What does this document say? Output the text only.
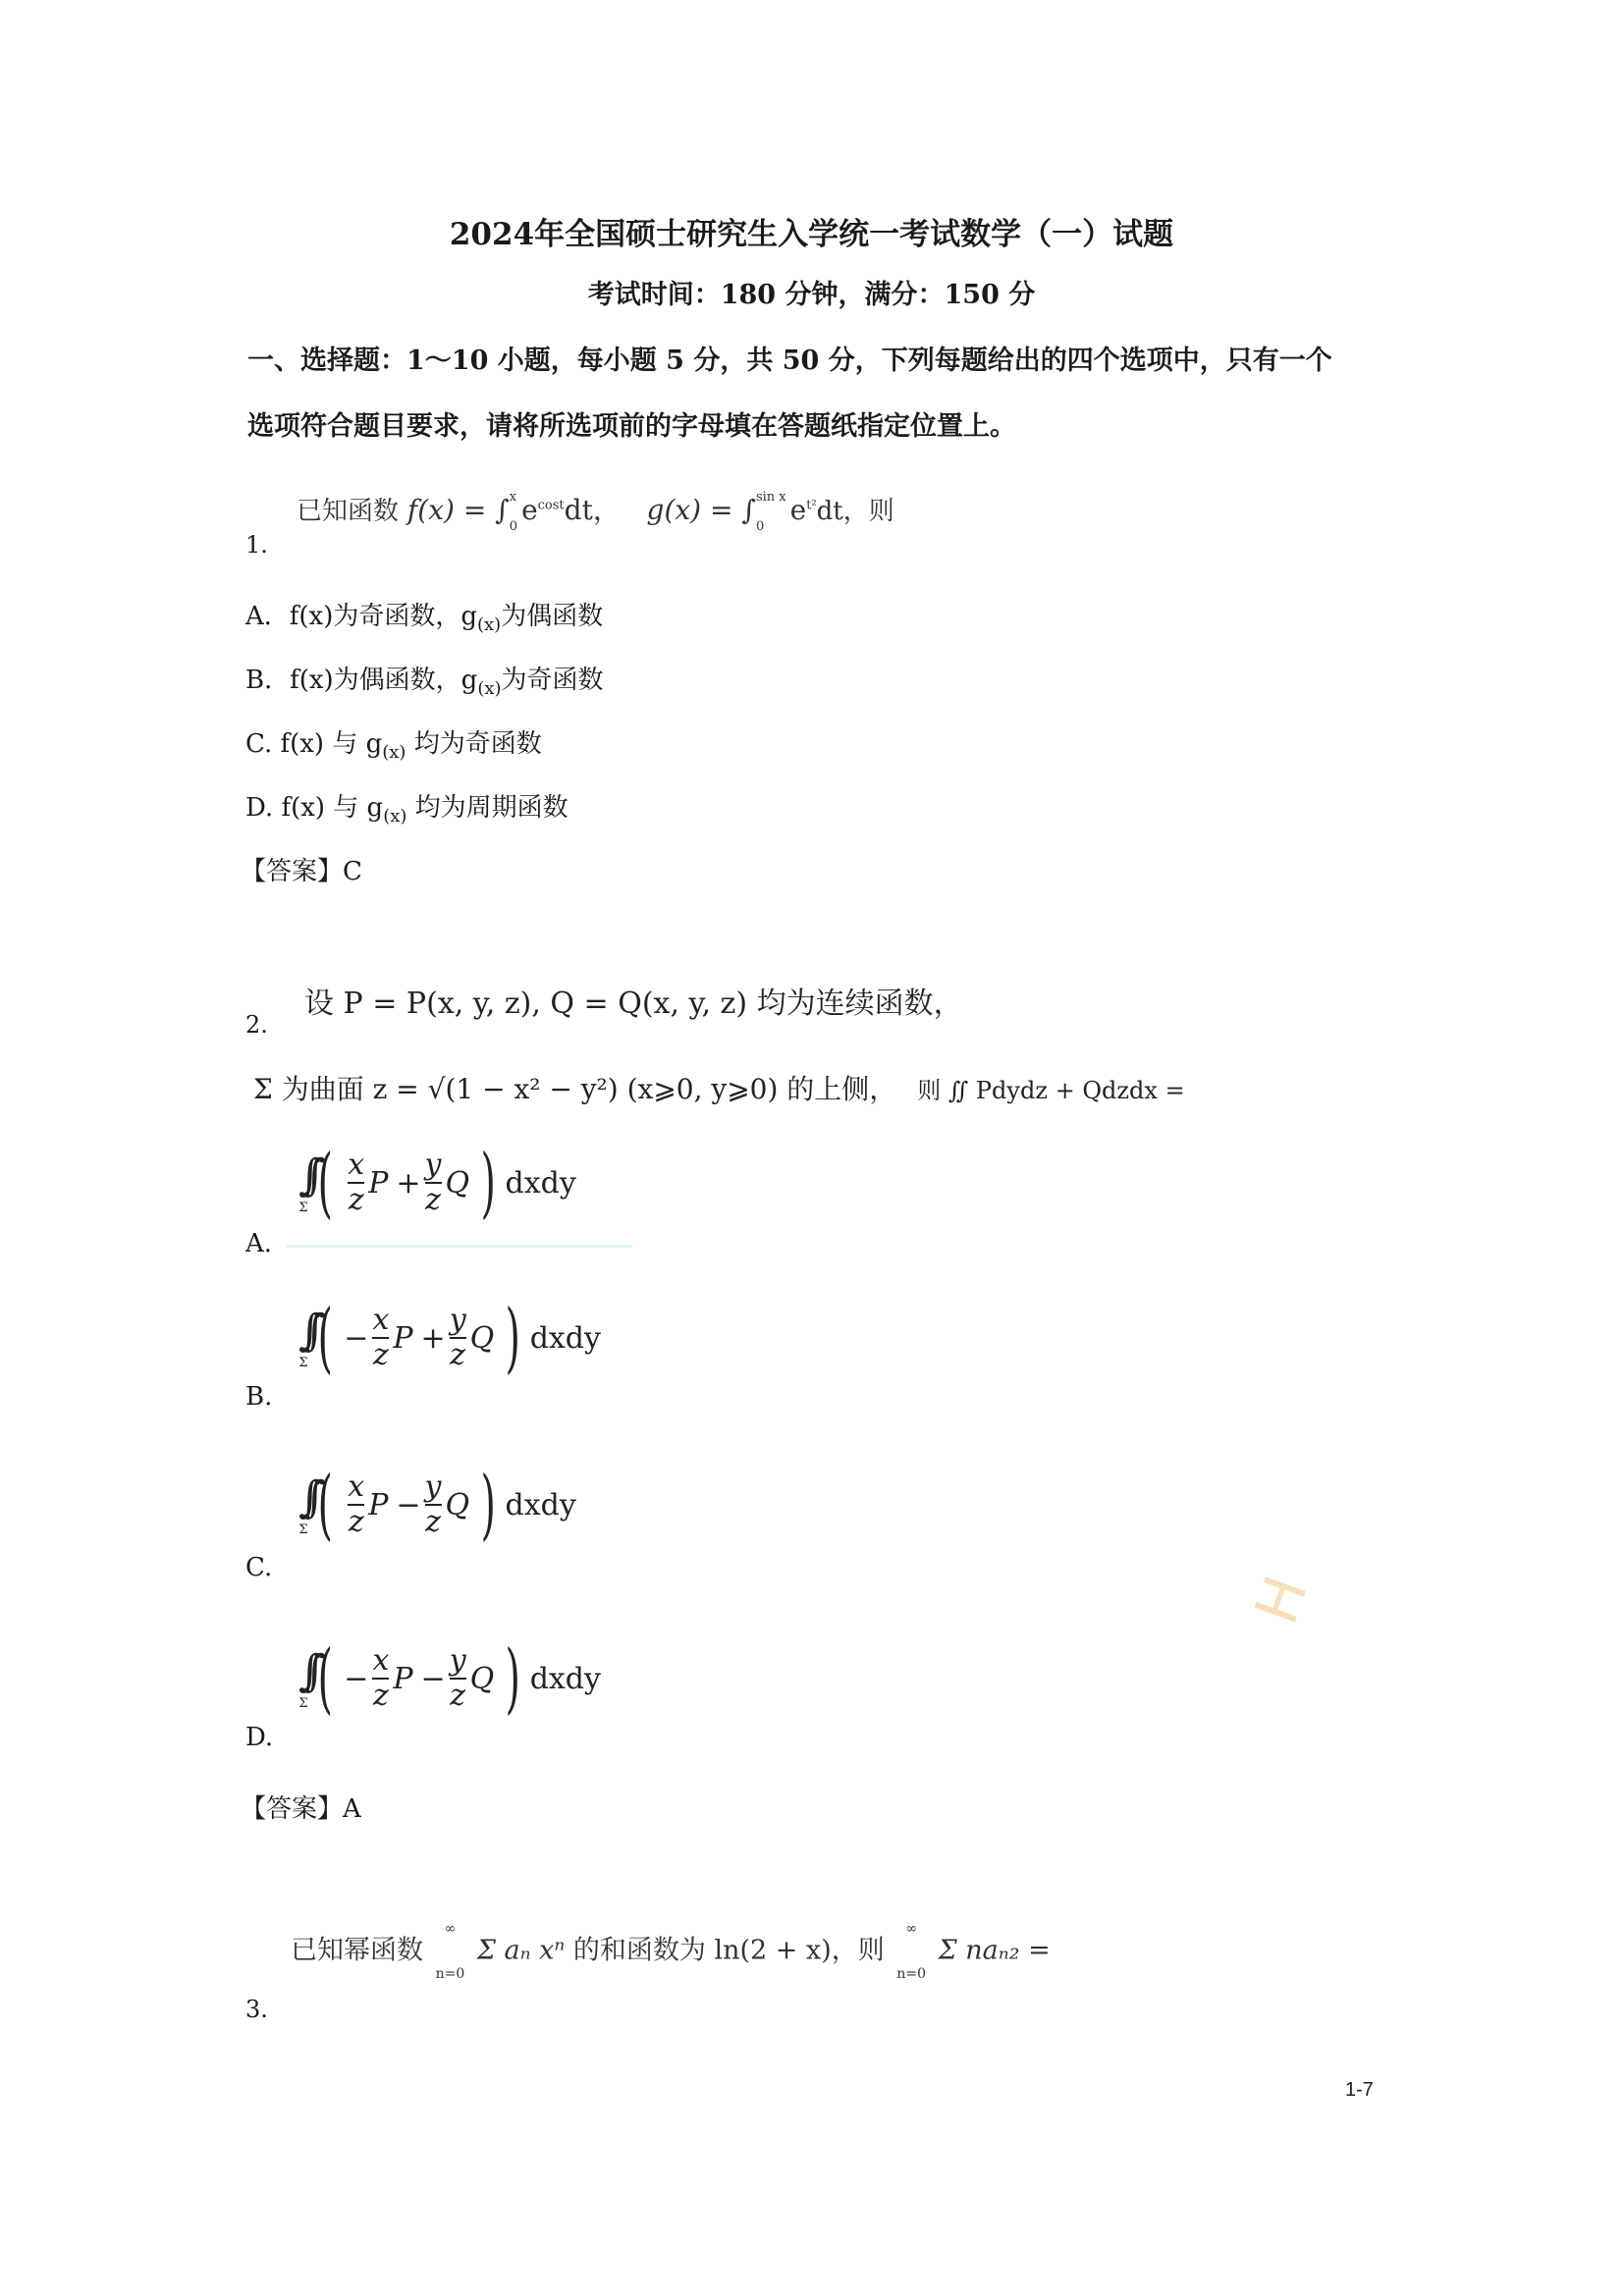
2024年全国硕士研究生入学统一考试数学（一）试题
考试时间：180 分钟，满分：150 分
一、选择题：1～10 小题，每小题 5 分，共 50 分，下列每题给出的四个选项中，只有一个
选项符合题目要求，请将所选项前的字母填在答题纸指定位置上。
已知函数 f(x) = ∫ x
0 $e^{cost}dt$， g(x) = ∫ sin x
0 $e^{t^2}dt$，则
1.
A．f(x)为奇函数，$g_{(x)}$为偶函数
B．f(x)为偶函数，$g_{(x)}$为奇函数
C. f(x) 与 $g_{(x)}$ 均为奇函数
D. f(x) 与 $g_{(x)}$ 均为周期函数
【答案】C
设 P = P(x, y, z), Q = Q(x, y, z) 均为连续函数，
2.
Σ 为曲面 z = √(1 − x² − y²) (x⩾0, y⩾0) 的上侧， 则 ∬ Pdydz + Qdzdx =
A.
∫∫
Σ ( $\frac{x}{z}$ $P + \frac{y}{z}$ Q ) dxdy
B.
∫∫
Σ ( − $\frac{x}{z}$ $P + \frac{y}{z}$ Q ) dxdy
C.
∫∫
Σ ( $\frac{x}{z}$ $P - \frac{y}{z}$ Q ) dxdy
D.
∫∫
Σ ( − $\frac{x}{z}$ $P - \frac{y}{z}$ Q ) dxdy
【答案】A
已知幂函数
∞
n=0
Σ aₙ xⁿ 的和函数为 ln(2 + x)，则
∞
n=0
Σ naₙ₂ =
3.
H
1-7
